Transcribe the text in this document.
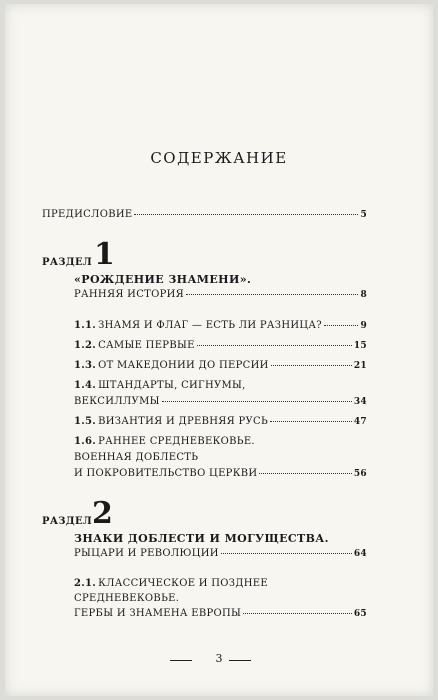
СОДЕРЖАНИЕ
ПРЕДИСЛОВИЕ	5
РАЗДЕЛ 1
«РОЖДЕНИЕ ЗНАМЕНИ».
РАННЯЯ ИСТОРИЯ	8
1.1. ЗНАМЯ И ФЛАГ — ЕСТЬ ЛИ РАЗНИЦА?	9
1.2. САМЫЕ ПЕРВЫЕ	15
1.3. ОТ МАКЕДОНИИ ДО ПЕРСИИ	21
1.4. ШТАНДАРТЫ, СИГНУМЫ,
ВЕКСИЛЛУМЫ	34
1.5. ВИЗАНТИЯ И ДРЕВНЯЯ РУСЬ	47
1.6. РАННЕЕ СРЕДНЕВЕКОВЬЕ.
ВОЕННАЯ ДОБЛЕСТЬ
И ПОКРОВИТЕЛЬСТВО ЦЕРКВИ	56
РАЗДЕЛ 2
ЗНАКИ ДОБЛЕСТИ И МОГУЩЕСТВА.
РЫЦАРИ И РЕВОЛЮЦИИ	64
2.1. КЛАССИЧЕСКОЕ И ПОЗДНЕЕ
СРЕДНЕВЕКОВЬЕ.
ГЕРБЫ И ЗНАМЕНА ЕВРОПЫ	65
3
